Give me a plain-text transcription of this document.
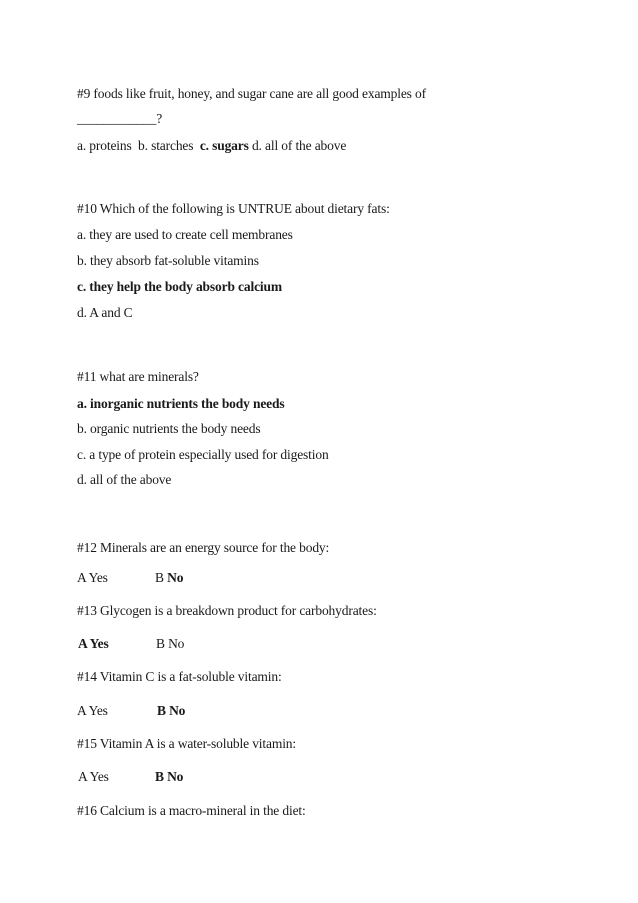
#9 foods like fruit, honey, and sugar cane are all good examples of
____________?
a. proteins  b. starches  c. sugars d. all of the above
#10 Which of the following is UNTRUE about dietary fats:
a. they are used to create cell membranes
b. they absorb fat-soluble vitamins
c. they help the body absorb calcium
d. A and C
#11 what are minerals?
a. inorganic nutrients the body needs
b. organic nutrients the body needs
c. a type of protein especially used for digestion
d. all of the above
#12 Minerals are an energy source for the body:
A Yes	B No
#13 Glycogen is a breakdown product for carbohydrates:
A Yes	B No
#14 Vitamin C is a fat-soluble vitamin:
A Yes	B No
#15 Vitamin A is a water-soluble vitamin:
A Yes	B No
#16 Calcium is a macro-mineral in the diet:
